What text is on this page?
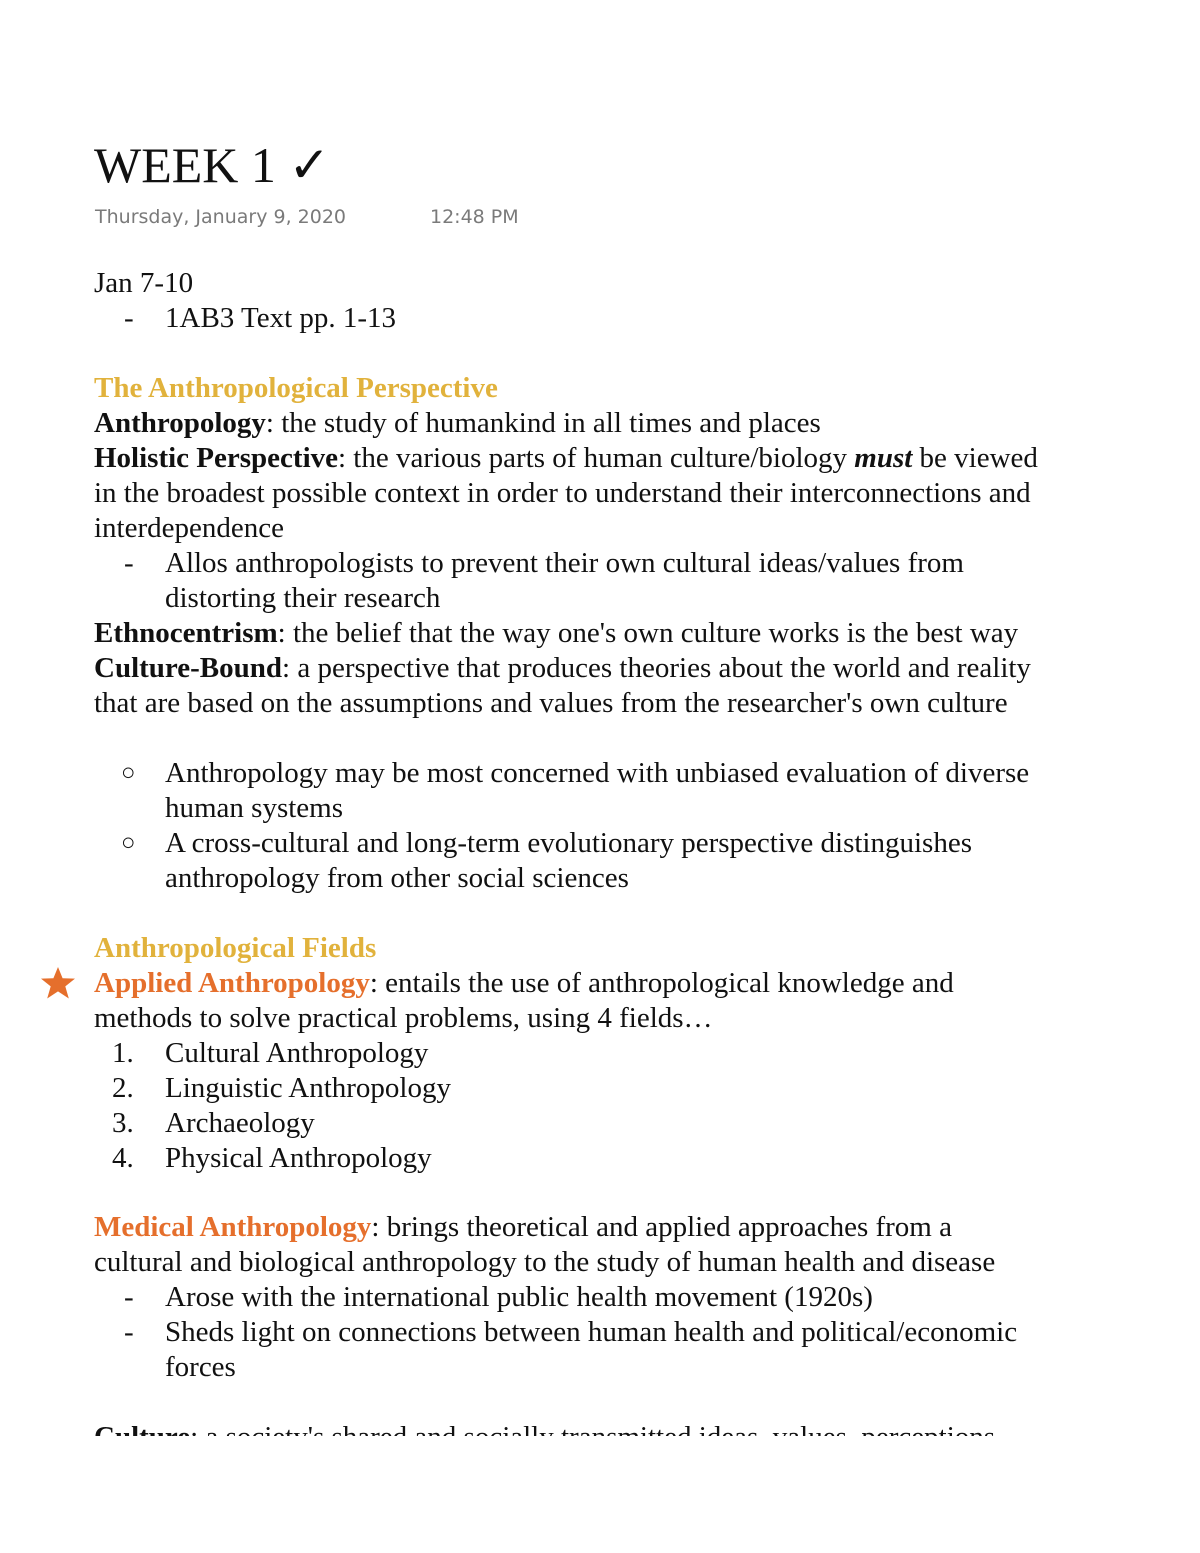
WEEK 1 ✓
Thursday, January 9, 2020	12:48 PM

Jan 7-10

- 1AB3 Text pp. 1-13

The Anthropological Perspective

Anthropology: the study of humankind in all times and places

Holistic Perspective: the various parts of human culture/biology must be viewed

in the broadest possible context in order to understand their interconnections and

interdependence

- Allos anthropologists to prevent their own cultural ideas/values from

distorting their research

Ethnocentrism: the belief that the way one's own culture works is the best way

Culture-Bound: a perspective that produces theories about the world and reality

that are based on the assumptions and values from the researcher's own culture

○ Anthropology may be most concerned with unbiased evaluation of diverse

human systems

○ A cross-cultural and long-term evolutionary perspective distinguishes

anthropology from other social sciences

Anthropological Fields

Applied Anthropology: entails the use of anthropological knowledge and

methods to solve practical problems, using 4 fields…

1. Cultural Anthropology
2. Linguistic Anthropology
3. Archaeology
4. Physical Anthropology

Medical Anthropology: brings theoretical and applied approaches from a

cultural and biological anthropology to the study of human health and disease

- Arose with the international public health movement (1920s)

- Sheds light on connections between human health and political/economic

forces
